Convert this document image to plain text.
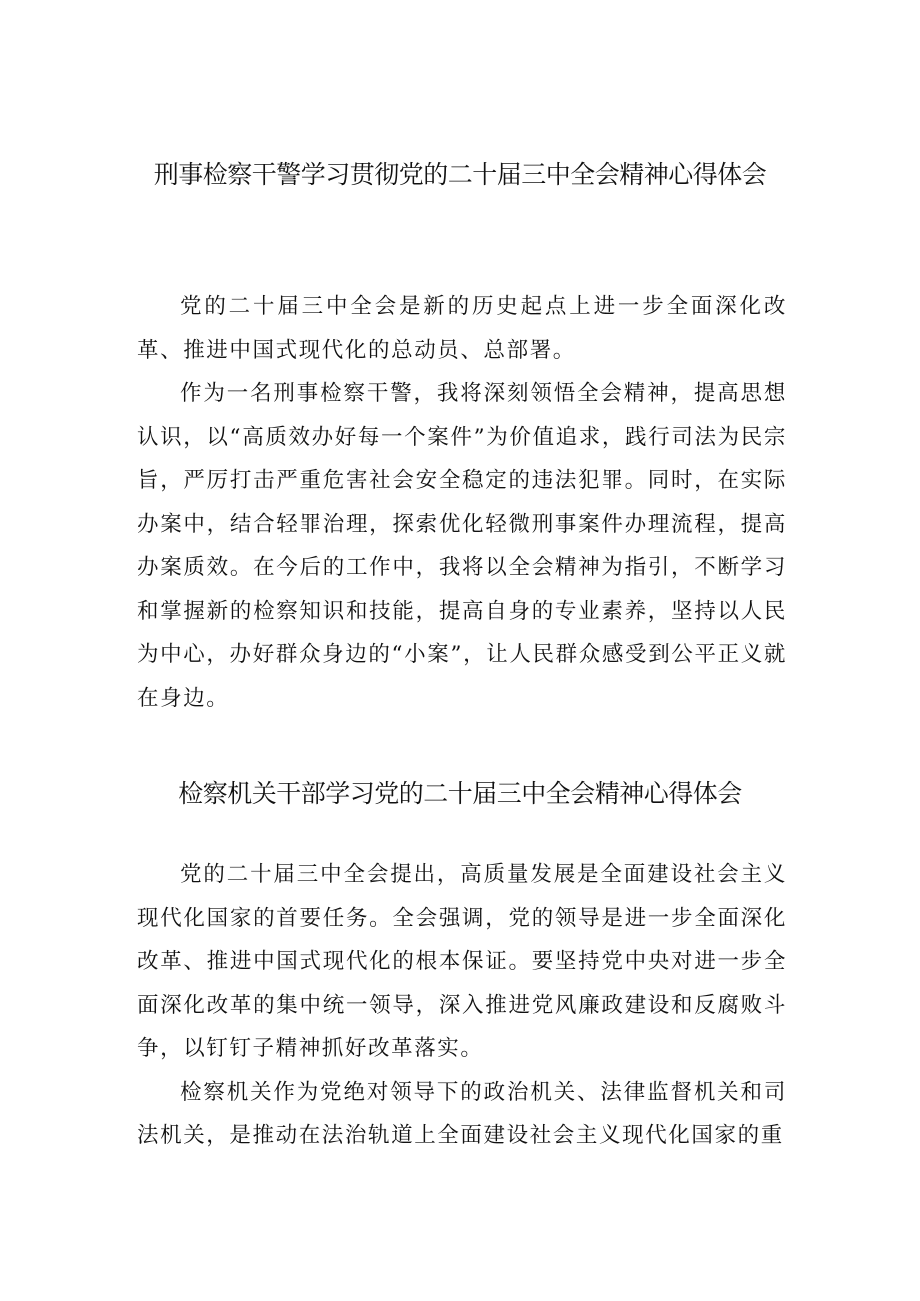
刑事检察干警学习贯彻党的二十届三中全会精神心得体会

党的二十届三中全会是新的历史起点上进一步全面深化改革、推进中国式现代化的总动员、总部署。

作为一名刑事检察干警，我将深刻领悟全会精神，提高思想认识，以“高质效办好每一个案件”为价值追求，践行司法为民宗旨，严厉打击严重危害社会安全稳定的违法犯罪。同时，在实际办案中，结合轻罪治理，探索优化轻微刑事案件办理流程，提高办案质效。在今后的工作中，我将以全会精神为指引，不断学习和掌握新的检察知识和技能，提高自身的专业素养，坚持以人民为中心，办好群众身边的“小案”，让人民群众感受到公平正义就在身边。

检察机关干部学习党的二十届三中全会精神心得体会

党的二十届三中全会提出，高质量发展是全面建设社会主义现代化国家的首要任务。全会强调，党的领导是进一步全面深化改革、推进中国式现代化的根本保证。要坚持党中央对进一步全面深化改革的集中统一领导，深入推进党风廉政建设和反腐败斗争，以钉钉子精神抓好改革落实。

检察机关作为党绝对领导下的政治机关、法律监督机关和司法机关，是推动在法治轨道上全面建设社会主义现代化国家的重
